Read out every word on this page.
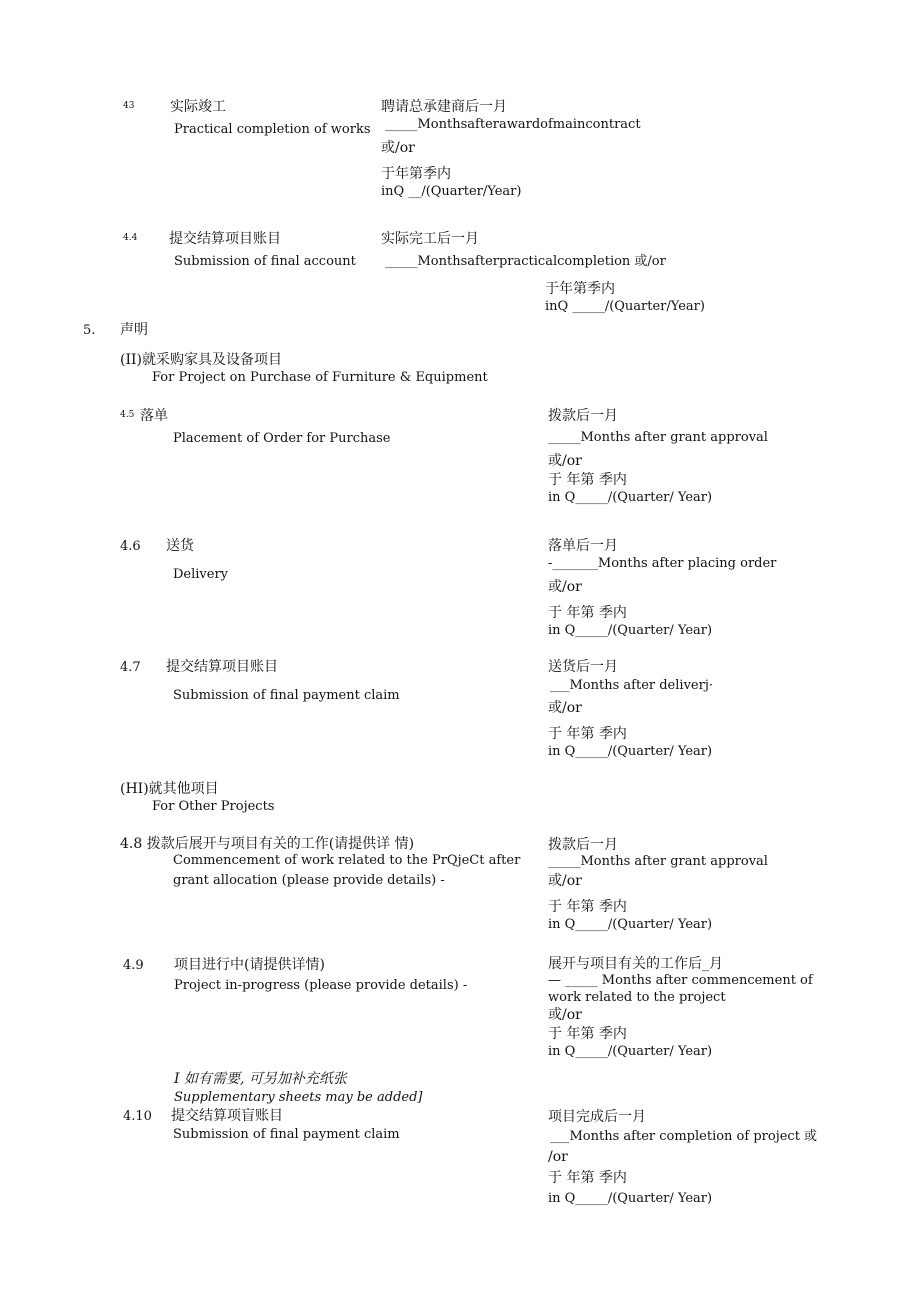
43	实际竣工
Practical completion of works
聘请总承建商后一月
_____Monthsafterawardofmaincontract
或/or
于年第季内
inQ __/(Quarter/Year)
4.4 提交结算项目账目
Submission of final account
实际完工后一月
_____Monthsafterpracticalcompletion 或/or
于年第季内
inQ _____/(Quarter/Year)
5. 声明
(II)就采购家具及设备项目
For Project on Purchase of Furniture & Equipment
4.5 落单
Placement of Order for Purchase
拨款后一月
_____Months after grant approval
或/or
于 年第 季内
in Q_____/(Quarter/ Year)
4.6 送货
Delivery
落单后一月
-_______Months after placing order
或/or
于 年第 季内
in Q_____/(Quarter/ Year)
4.7 提交结算项目账目
Submission of final payment claim
送货后一月
___Months after deliverj·
或/or
于 年第 季内
in Q_____/(Quarter/ Year)
(HI)就其他项目
For Other Projects
4.8 拨款后展开与项目有关的工作(请提供详 情)
Commencement of work related to the PrQjeCt after
grant allocation (please provide details) -
拨款后一月
_____Months after grant approval
或/or
于 年第 季内
in Q_____/(Quarter/ Year)
4.9 项目进行中(请提供详情)
Project in-progress (please provide details) -
展开与项目有关的工作后_月
— _____ Months after commencement of
work related to the project
或/or
于 年第 季内
in Q_____/(Quarter/ Year)
I 如有需要, 可另加补充纸张
Supplementary sheets may be added]
4.10 提交结算项盲账目
Submission of final payment claim
项目完成后一月
___Months after completion of project 或
/or
于 年第 季内
in Q_____/(Quarter/ Year)
